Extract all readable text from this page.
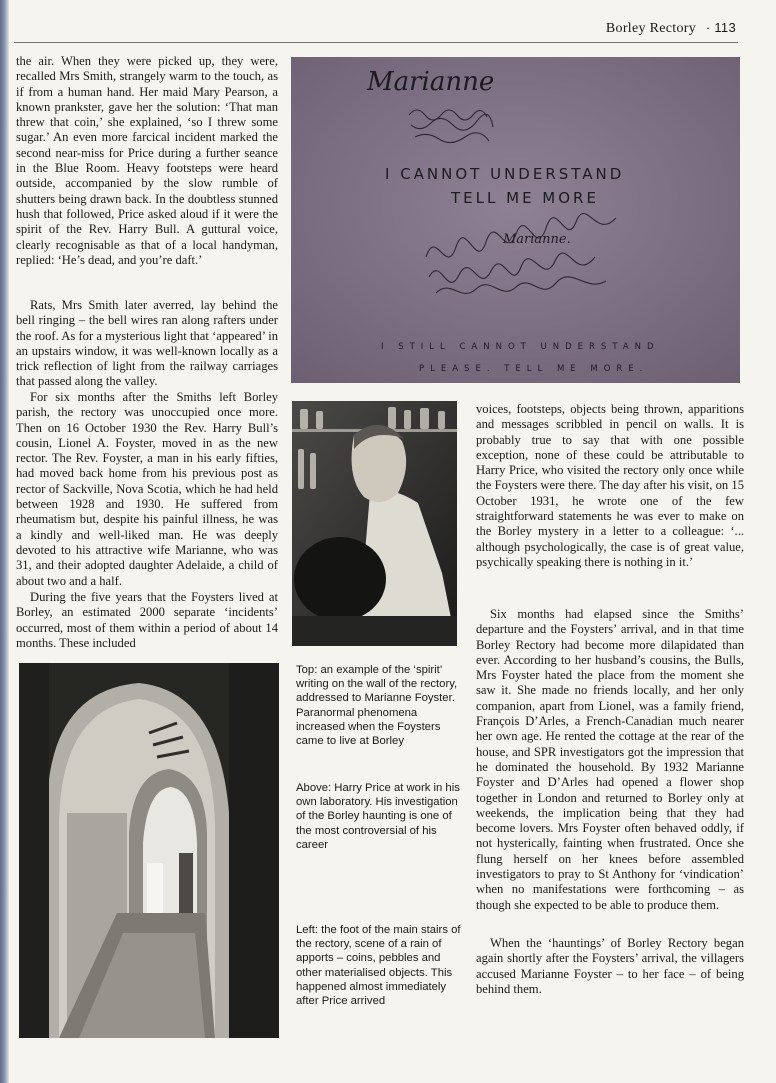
Borley Rectory · 113

the air. When they were picked up, they were, recalled Mrs Smith, strangely warm to the touch, as if from a human hand. Her maid Mary Pearson, a known prankster, gave her the solution: ‘That man threw that coin,’ she explained, ‘so I threw some sugar.’ An even more farcical incident marked the second near-miss for Price during a further seance in the Blue Room. Heavy footsteps were heard outside, accompanied by the slow rumble of shutters being drawn back. In the doubtless stunned hush that followed, Price asked aloud if it were the spirit of the Rev. Harry Bull. A guttural voice, clearly recognisable as that of a local handyman, replied: ‘He’s dead, and you’re daft.’

Rats, Mrs Smith later averred, lay behind the bell ringing – the bell wires ran along rafters under the roof. As for a mysterious light that ‘appeared’ in an upstairs window, it was well-known locally as a trick reflection of light from the railway carriages that passed along the valley.

For six months after the Smiths left Borley parish, the rectory was unoccupied once more. Then on 16 October 1930 the Rev. Harry Bull’s cousin, Lionel A. Foyster, moved in as the new rector. The Rev. Foyster, a man in his early fifties, had moved back home from his previous post as rector of Sackville, Nova Scotia, which he had held between 1928 and 1930. He suffered from rheumatism but, despite his painful illness, he was a kindly and well-liked man. He was deeply devoted to his attractive wife Marianne, who was 31, and their adopted daughter Adelaide, a child of about two and a half.

During the five years that the Foysters lived at Borley, an estimated 2000 separate ‘incidents’ occurred, most of them within a period of about 14 months. These included

voices, footsteps, objects being thrown, apparitions and messages scribbled in pencil on walls. It is probably true to say that with one possible exception, none of these could be attributable to Harry Price, who visited the rectory only once while the Foysters were there. The day after his visit, on 15 October 1931, he wrote one of the few straightforward statements he was ever to make on the Borley mystery in a letter to a colleague: ‘... although psychologically, the case is of great value, psychically speaking there is nothing in it.’

Six months had elapsed since the Smiths’ departure and the Foysters’ arrival, and in that time Borley Rectory had become more dilapidated than ever. According to her husband’s cousins, the Bulls, Mrs Foyster hated the place from the moment she saw it. She made no friends locally, and her only companion, apart from Lionel, was a family friend, François D’Arles, a French-Canadian much nearer her own age. He rented the cottage at the rear of the house, and SPR investigators got the impression that he dominated the household. By 1932 Marianne Foyster and D’Arles had opened a flower shop together in London and returned to Borley only at weekends, the implication being that they had become lovers. Mrs Foyster often behaved oddly, if not hysterically, fainting when frustrated. Once she flung herself on her knees before assembled investigators to pray to St Anthony for ‘vindication’ when no manifestations were forthcoming – as though she expected to be able to produce them.

When the ‘hauntings’ of Borley Rectory began again shortly after the Foysters’ arrival, the villagers accused Marianne Foyster – to her face – of being behind them.

Marianne
I CANNOT UNDERSTAND
TELL ME MORE
Marianne.
I STILL CANNOT UNDERSTAND
PLEASE. TELL ME MORE.

Top: an example of the ‘spirit’ writing on the wall of the rectory, addressed to Marianne Foyster. Paranormal phenomena increased when the Foysters came to live at Borley

Above: Harry Price at work in his own laboratory. His investigation of the Borley haunting is one of the most controversial of his career

Left: the foot of the main stairs of the rectory, scene of a rain of apports – coins, pebbles and other materialised objects. This happened almost immediately after Price arrived
